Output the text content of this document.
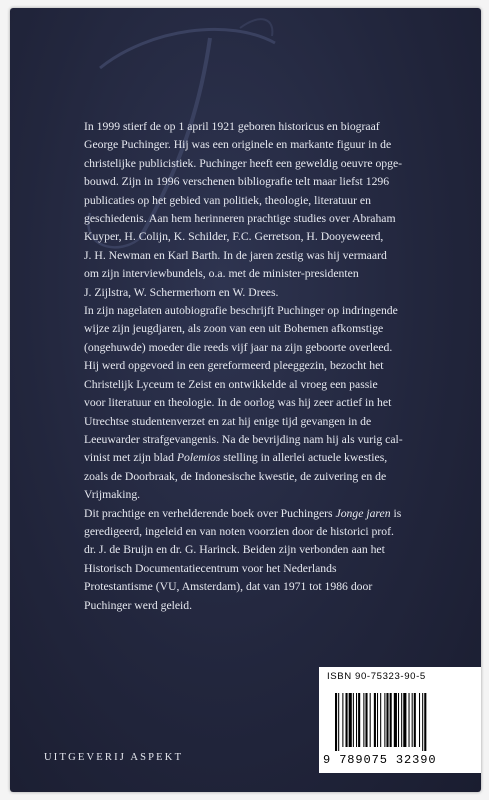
In 1999 stierf de op 1 april 1921 geboren historicus en biograaf
George Puchinger. Hij was een originele en markante figuur in de
christelijke publicistiek. Puchinger heeft een geweldig oeuvre opge-
bouwd. Zijn in 1996 verschenen bibliografie telt maar liefst 1296
publicaties op het gebied van politiek, theologie, literatuur en
geschiedenis. Aan hem herinneren prachtige studies over Abraham
Kuyper, H. Colijn, K. Schilder, F.C. Gerretson, H. Dooyeweerd,
J. H. Newman en Karl Barth. In de jaren zestig was hij vermaard
om zijn interviewbundels, o.a. met de minister-presidenten
J. Zijlstra, W. Schermerhorn en W. Drees.

In zijn nagelaten autobiografie beschrijft Puchinger op indringende
wijze zijn jeugdjaren, als zoon van een uit Bohemen afkomstige
(ongehuwde) moeder die reeds vijf jaar na zijn geboorte overleed.
Hij werd opgevoed in een gereformeerd pleeggezin, bezocht het
Christelijk Lyceum te Zeist en ontwikkelde al vroeg een passie
voor literatuur en theologie. In de oorlog was hij zeer actief in het
Utrechtse studentenverzet en zat hij enige tijd gevangen in de
Leeuwarder strafgevangenis. Na de bevrijding nam hij als vurig cal-
vinist met zijn blad Polemios stelling in allerlei actuele kwesties,
zoals de Doorbraak, de Indonesische kwestie, de zuivering en de
Vrijmaking.

Dit prachtige en verhelderende boek over Puchingers Jonge jaren is
geredigeerd, ingeleid en van noten voorzien door de historici prof.
dr. J. de Bruijn en dr. G. Harinck. Beiden zijn verbonden aan het
Historisch Documentatiecentrum voor het Nederlands
Protestantisme (VU, Amsterdam), dat van 1971 tot 1986 door
Puchinger werd geleid.

ISBN 90-75323-90-5
9 789075 32390
UITGEVERIJ ASPEKT
